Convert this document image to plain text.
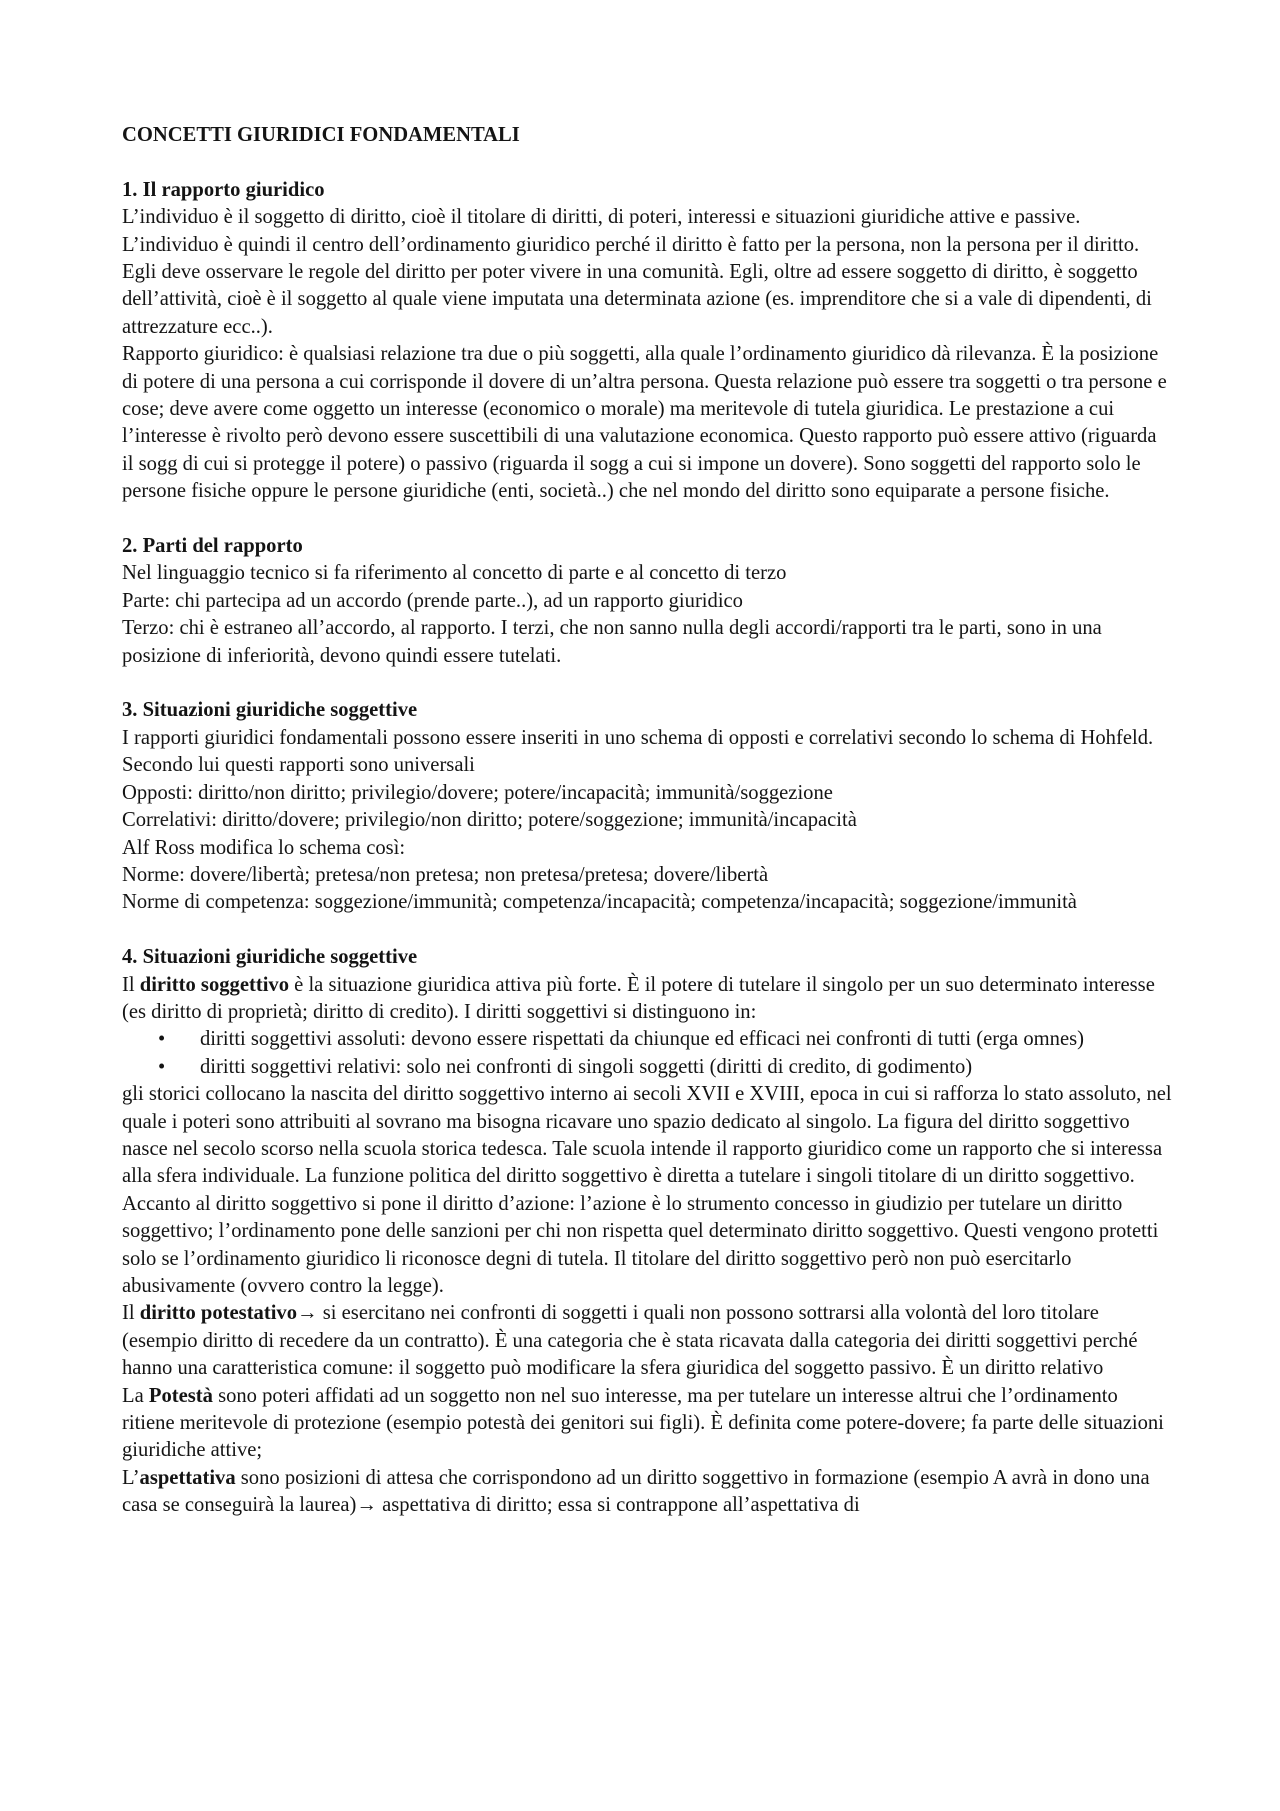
CONCETTI GIURIDICI FONDAMENTALI
1. Il rapporto giuridico

L’individuo è il soggetto di diritto, cioè il titolare di diritti, di poteri, interessi e situazioni giuridiche attive e passive. L’individuo è quindi il centro dell’ordinamento giuridico perché il diritto è fatto per la persona, non la persona per il diritto. Egli deve osservare le regole del diritto per poter vivere in una comunità. Egli, oltre ad essere soggetto di diritto, è soggetto dell’attività, cioè è il soggetto al quale viene imputata una determinata azione (es. imprenditore che si a vale di dipendenti, di attrezzature ecc..).

Rapporto giuridico: è qualsiasi relazione tra due o più soggetti, alla quale l’ordinamento giuridico dà rilevanza. È la posizione di potere di una persona a cui corrisponde il dovere di un’altra persona. Questa relazione può essere tra soggetti o tra persone e cose; deve avere come oggetto un interesse (economico o morale) ma meritevole di tutela giuridica. Le prestazione a cui l’interesse è rivolto però devono essere suscettibili di una valutazione economica. Questo rapporto può essere attivo (riguarda il sogg di cui si protegge il potere) o passivo (riguarda il sogg a cui si impone un dovere). Sono soggetti del rapporto solo le persone fisiche oppure le persone giuridiche (enti, società..) che nel mondo del diritto sono equiparate a persone fisiche.

2. Parti del rapporto

Nel linguaggio tecnico si fa riferimento al concetto di parte e al concetto di terzo

Parte: chi partecipa ad un accordo (prende parte..), ad un rapporto giuridico

Terzo: chi è estraneo all’accordo, al rapporto. I terzi, che non sanno nulla degli accordi/rapporti tra le parti, sono in una posizione di inferiorità, devono quindi essere tutelati.

3. Situazioni giuridiche soggettive

I rapporti giuridici fondamentali possono essere inseriti in uno schema di opposti e correlativi secondo lo schema di Hohfeld. Secondo lui questi rapporti sono universali

Opposti: diritto/non diritto; privilegio/dovere; potere/incapacità; immunità/soggezione

Correlativi: diritto/dovere; privilegio/non diritto; potere/soggezione; immunità/incapacità

Alf Ross modifica lo schema così:

Norme: dovere/libertà; pretesa/non pretesa; non pretesa/pretesa; dovere/libertà

Norme di competenza: soggezione/immunità; competenza/incapacità; competenza/incapacità; soggezione/immunità

4. Situazioni giuridiche soggettive

Il diritto soggettivo è la situazione giuridica attiva più forte. È il potere di tutelare il singolo per un suo determinato interesse (es diritto di proprietà; diritto di credito). I diritti soggettivi si distinguono in:

• diritti soggettivi assoluti: devono essere rispettati da chiunque ed efficaci nei confronti di tutti (erga omnes)
• diritti soggettivi relativi: solo nei confronti di singoli soggetti (diritti di credito, di godimento)

gli storici collocano la nascita del diritto soggettivo interno ai secoli XVII e XVIII, epoca in cui si rafforza lo stato assoluto, nel quale i poteri sono attribuiti al sovrano ma bisogna ricavare uno spazio dedicato al singolo. La figura del diritto soggettivo nasce nel secolo scorso nella scuola storica tedesca. Tale scuola intende il rapporto giuridico come un rapporto che si interessa alla sfera individuale. La funzione politica del diritto soggettivo è diretta a tutelare i singoli titolare di un diritto soggettivo. Accanto al diritto soggettivo si pone il diritto d’azione: l’azione è lo strumento concesso in giudizio per tutelare un diritto soggettivo; l’ordinamento pone delle sanzioni per chi non rispetta quel determinato diritto soggettivo. Questi vengono protetti solo se l’ordinamento giuridico li riconosce degni di tutela. Il titolare del diritto soggettivo però non può esercitarlo abusivamente (ovvero contro la legge).

Il diritto potestativo→ si esercitano nei confronti di soggetti i quali non possono sottrarsi alla volontà del loro titolare (esempio diritto di recedere da un contratto). È una categoria che è stata ricavata dalla categoria dei diritti soggettivi perché hanno una caratteristica comune: il soggetto può modificare la sfera giuridica del soggetto passivo. È un diritto relativo

La Potestà sono poteri affidati ad un soggetto non nel suo interesse, ma per tutelare un interesse altrui che l’ordinamento ritiene meritevole di protezione (esempio potestà dei genitori sui figli). È definita come potere-dovere; fa parte delle situazioni giuridiche attive;

L’aspettativa sono posizioni di attesa che corrispondono ad un diritto soggettivo in formazione (esempio A avrà in dono una casa se conseguirà la laurea)→ aspettativa di diritto; essa si contrappone all’aspettativa di
